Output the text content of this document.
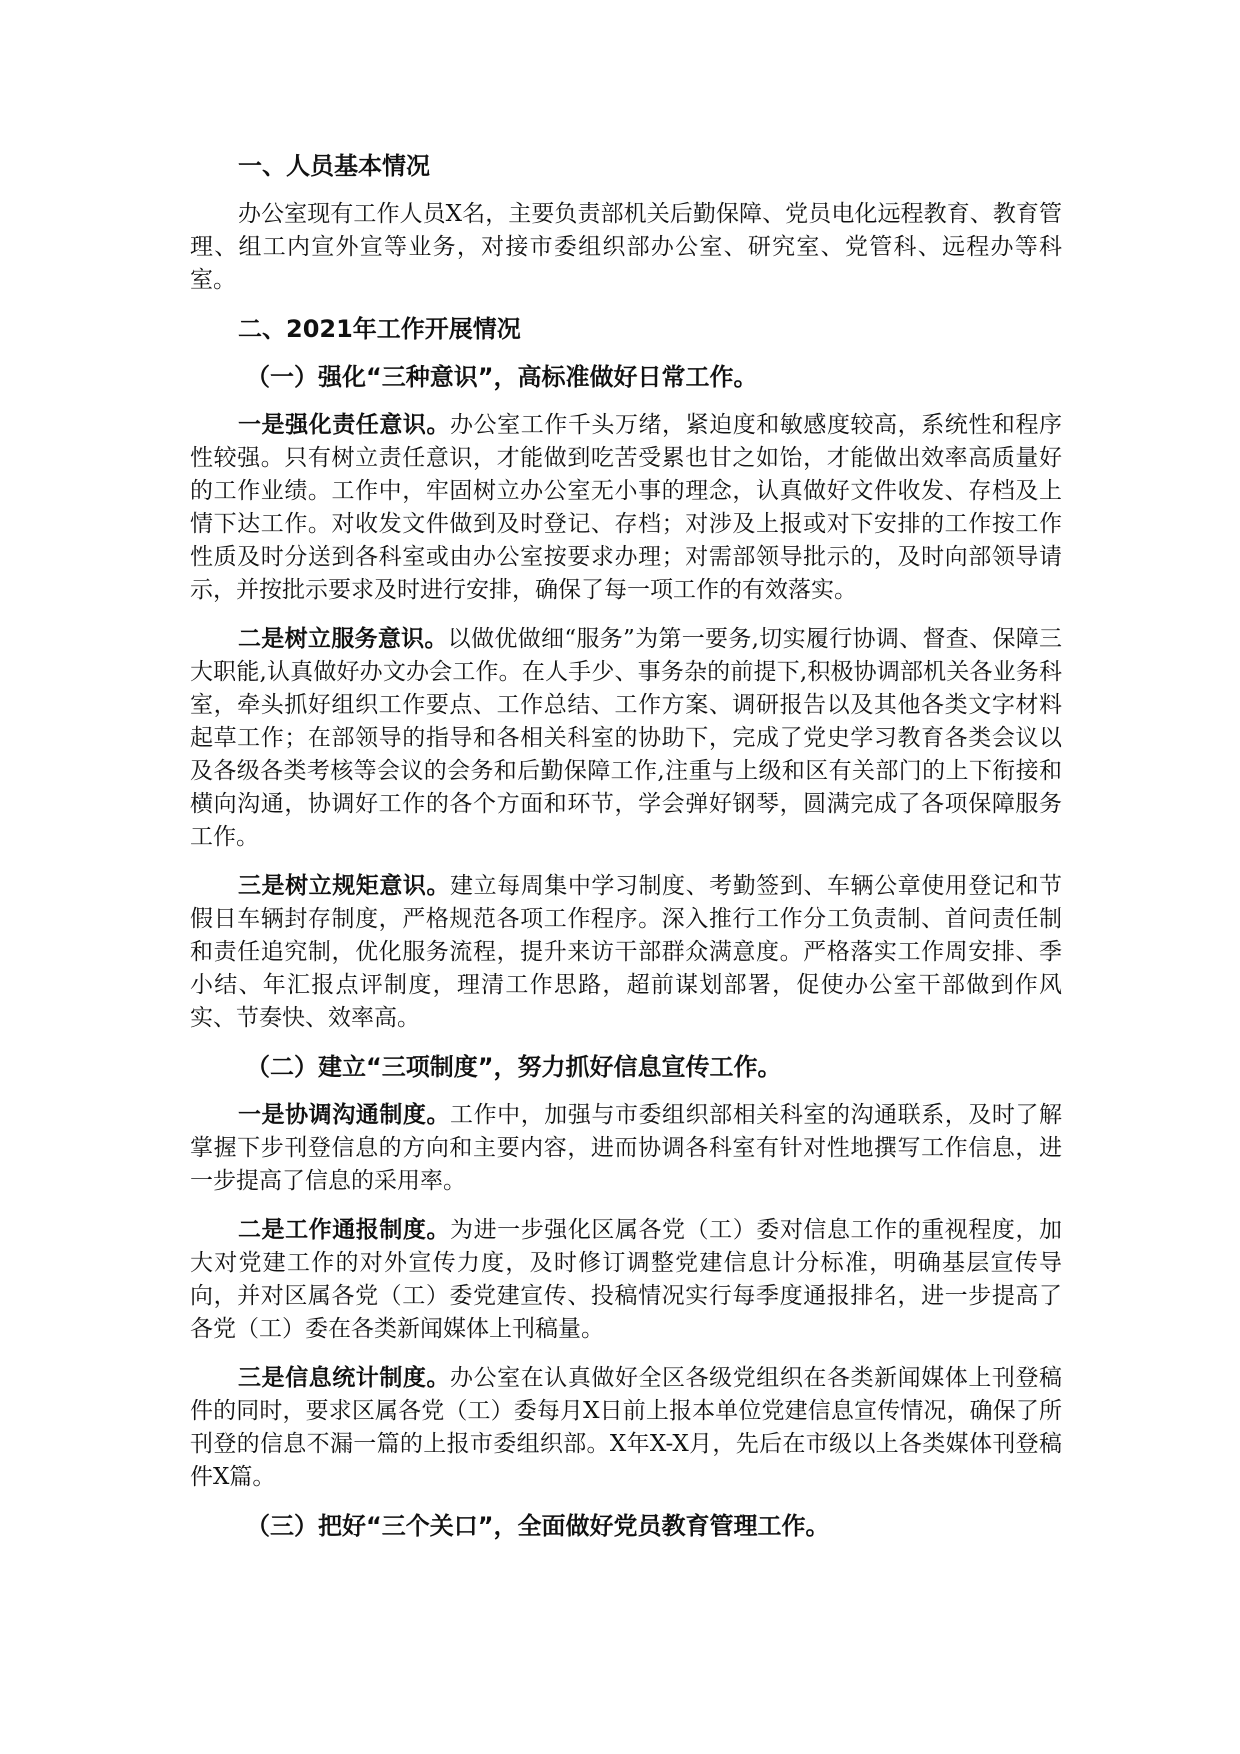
一、人员基本情况

办公室现有工作人员X名，主要负责部机关后勤保障、党员电化远程教育、教育管理、组工内宣外宣等业务，对接市委组织部办公室、研究室、党管科、远程办等科室。

二、2021年工作开展情况
（一）强化“三种意识”，高标准做好日常工作。

一是强化责任意识。办公室工作千头万绪，紧迫度和敏感度较高，系统性和程序性较强。只有树立责任意识，才能做到吃苦受累也甘之如饴，才能做出效率高质量好的工作业绩。工作中，牢固树立办公室无小事的理念，认真做好文件收发、存档及上情下达工作。对收发文件做到及时登记、存档；对涉及上报或对下安排的工作按工作性质及时分送到各科室或由办公室按要求办理；对需部领导批示的，及时向部领导请示，并按批示要求及时进行安排，确保了每一项工作的有效落实。

二是树立服务意识。以做优做细“服务”为第一要务,切实履行协调、督查、保障三大职能,认真做好办文办会工作。在人手少、事务杂的前提下,积极协调部机关各业务科室，牵头抓好组织工作要点、工作总结、工作方案、调研报告以及其他各类文字材料起草工作；在部领导的指导和各相关科室的协助下，完成了党史学习教育各类会议以及各级各类考核等会议的会务和后勤保障工作,注重与上级和区有关部门的上下衔接和横向沟通，协调好工作的各个方面和环节，学会弹好钢琴，圆满完成了各项保障服务工作。

三是树立规矩意识。建立每周集中学习制度、考勤签到、车辆公章使用登记和节假日车辆封存制度，严格规范各项工作程序。深入推行工作分工负责制、首问责任制和责任追究制，优化服务流程，提升来访干部群众满意度。严格落实工作周安排、季小结、年汇报点评制度，理清工作思路，超前谋划部署，促使办公室干部做到作风实、节奏快、效率高。

（二）建立“三项制度”，努力抓好信息宣传工作。

一是协调沟通制度。工作中，加强与市委组织部相关科室的沟通联系，及时了解掌握下步刊登信息的方向和主要内容，进而协调各科室有针对性地撰写工作信息，进一步提高了信息的采用率。

二是工作通报制度。为进一步强化区属各党（工）委对信息工作的重视程度，加大对党建工作的对外宣传力度，及时修订调整党建信息计分标准，明确基层宣传导向，并对区属各党（工）委党建宣传、投稿情况实行每季度通报排名，进一步提高了各党（工）委在各类新闻媒体上刊稿量。

三是信息统计制度。办公室在认真做好全区各级党组织在各类新闻媒体上刊登稿件的同时，要求区属各党（工）委每月X日前上报本单位党建信息宣传情况，确保了所刊登的信息不漏一篇的上报市委组织部。X年X-X月，先后在市级以上各类媒体刊登稿件X篇。

（三）把好“三个关口”，全面做好党员教育管理工作。
